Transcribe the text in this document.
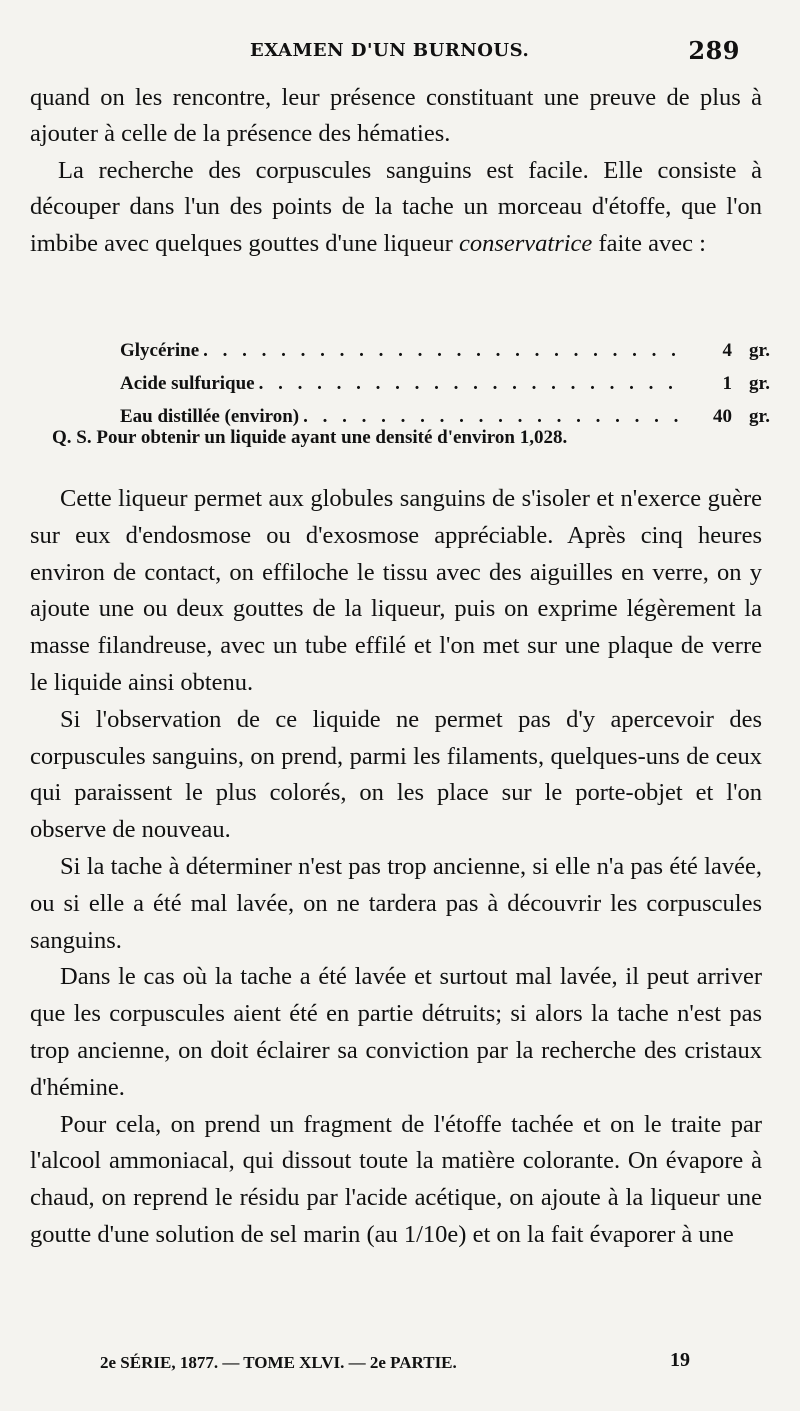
EXAMEN D'UN BURNOUS.	289

quand on les rencontre, leur présence constituant une preuve de plus à ajouter à celle de la présence des hématies.

La recherche des corpuscules sanguins est facile. Elle consiste à découper dans l'un des points de la tache un morceau d'étoffe, que l'on imbibe avec quelques gouttes d'une liqueur conservatrice faite avec :

Glycérine . . .	4 gr.
Acide sulfurique . . .	1 gr.
Eau distillée (environ) . . .	40 gr.
Q. S. Pour obtenir un liquide ayant une densité d'environ 1,028.

Cette liqueur permet aux globules sanguins de s'isoler et n'exerce guère sur eux d'endosmose ou d'exosmose appréciable. Après cinq heures environ de contact, on effiloche le tissu avec des aiguilles en verre, on y ajoute une ou deux gouttes de la liqueur, puis on exprime légèrement la masse filandreuse, avec un tube effilé et l'on met sur une plaque de verre le liquide ainsi obtenu.

Si l'observation de ce liquide ne permet pas d'y apercevoir des corpuscules sanguins, on prend, parmi les filaments, quelques-uns de ceux qui paraissent le plus colorés, on les place sur le porte-objet et l'on observe de nouveau.

Si la tache à déterminer n'est pas trop ancienne, si elle n'a pas été lavée, ou si elle a été mal lavée, on ne tardera pas à découvrir les corpuscules sanguins.

Dans le cas où la tache a été lavée et surtout mal lavée, il peut arriver que les corpuscules aient été en partie détruits; si alors la tache n'est pas trop ancienne, on doit éclairer sa conviction par la recherche des cristaux d'hémine.

Pour cela, on prend un fragment de l'étoffe tachée et on le traite par l'alcool ammoniacal, qui dissout toute la matière colorante. On évapore à chaud, on reprend le résidu par l'acide acétique, on ajoute à la liqueur une goutte d'une solution de sel marin (au 1/10e) et on la fait évaporer à une

2e SÉRIE, 1877. — TOME XLVI. — 2e PARTIE.	19
